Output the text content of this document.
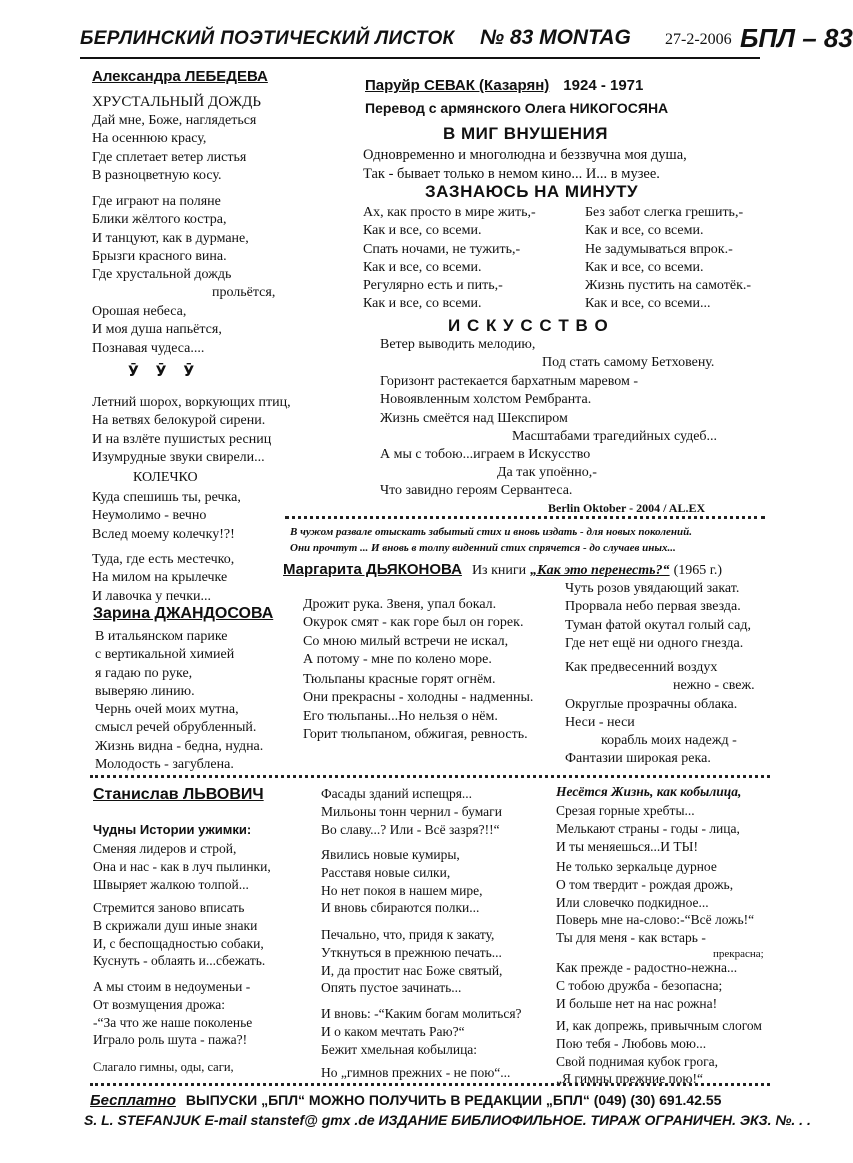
БЕРЛИНСКИЙ ПОЭТИЧЕСКИЙ ЛИСТОК № 83 MONTAG 27-2-2006 БПЛ – 83
Александра ЛЕБЕДЕВА
ХРУСТАЛЬНЫЙ ДОЖДЬ
Дай мне, Боже, наглядеться
На осеннюю красу,
Где сплетает ветер листья
В разноцветную косу.
Где играют на поляне
Блики жёлтого костра,
И танцуют, как в дурмане,
Брызги красного вина.
Где хрустальной дождь
прольётся,
Орошая небеса,
И моя душа напьётся,
Познавая чудеса....
Ӯ Ӯ Ӯ
Летний шорох, воркующих птиц,
На ветвях белокурой сирени.
И на взлёте пушистых ресниц
Изумрудные звуки свирели...
КОЛЕЧКО
Куда спешишь ты, речка,
Неумолимо - вечно
Вслед моему колечку!?!
Туда, где есть местечко,
На милом на крылечке
И лавочка у печки...
Зарина ДЖАНДОСОВА
В итальянском парике
с вертикальной химией
я гадаю по руке,
выверяю линию.
Чернь очей моих мутна,
смысл речей обрубленный.
Жизнь видна - бедна, нудна.
Молодость - загублена.
Паруйр СЕВАК (Казарян) 1924 - 1971
Перевод с армянского Олега НИКОГОСЯНА
В МИГ ВНУШЕНИЯ
Одновременно и многолюдна и беззвучна моя душа,
Так - бывает только в немом кино... И... в музее.
ЗАЗНАЮСЬ НА МИНУТУ
Ах, как просто в мире жить,-
Как и все, со всеми.
Спать ночами, не тужить,-
Как и все, со всеми.
Регулярно есть и пить,-
Как и все, со всеми.
Без забот слегка грешить,-
Как и все, со всеми.
Не задумываться впрок.-
Как и все, со всеми.
Жизнь пустить на самотёк.-
Как и все, со всеми...
И С К У С С Т В О
Ветер выводить мелодию,
Под стать самому Бетховену.
Горизонт растекается бархатным маревом -
Новоявленным холстом Рембранта.
Жизнь смеётся над Шекспиром
Масштабами трагедийных судеб...
А мы с тобою...играем в Искусство
Да так упоённо,-
Что завидно героям Сервантеса.
Berlin Oktober - 2004 / AL.EX
В чужом развале отыскать забытый стих и вновь издать - для новых поколений.
Они прочтут ... И вновь в толпу виденний стих спрячется - до случаев иных...
Маргарита ДЬЯКОНОВА Из книги „Как это перенесть?“ (1965 г.)
Дрожит рука. Звеня, упал бокал.
Окурок смят - как горе был он горек.
Со мною милый встречи не искал,
А потому - мне по колено море.
Тюльпаны красные горят огнём.
Они прекрасны - холодны - надменны.
Его тюльпаны...Но нельзя о нём.
Горит тюльпаном, обжигая, ревность.
Чуть розов увядающий закат.
Прорвала небо первая звезда.
Туман фатой окутал голый сад,
Где нет ещё ни одного гнезда.
Как предвесенний воздух
нежно - свеж.
Округлые прозрачны облака.
Неси - неси
корабль моих надежд -
Фантазии широкая река.
Станислав ЛЬВОВИЧ
Чудны Истории ужимки:
Сменяя лидеров и строй,
Она и нас - как в луч пылинки,
Швыряет жалкою толпой...
Стремится заново вписать
В скрижали душ иные знаки
И, с беспощадностью собаки,
Куснуть - облаять и...сбежать.
А мы стоим в недоуменьи -
От возмущения дрожа:
-“За что же наше поколенье
Играло роль шута - пажа?!
Слагало гимны, оды, саги,
Фасады зданий испещря...
Мильоны тонн чернил - бумаги
Во славу...? Или - Всё зазря?!!“
Явились новые кумиры,
Расставя новые силки,
Но нет покоя в нашем мире,
И вновь сбираются полки...
Печально, что, придя к закату,
Уткнуться в прежнюю печать...
И, да простит нас Боже святый,
Опять пустое зачинать...
И вновь: -“Каким богам молиться?
И о каком мечтать Раю?“
Бежит хмельная кобылица:
Но „гимнов прежних - не пою“...
Несётся Жизнь, как кобылица,
Срезая горные хребты...
Мелькают страны - годы - лица,
И ты меняешься...И ТЫ!
Не только зеркальце дурное
О том твердит - рождая дрожь,
Или словечко подкидное...
Поверь мне на-слово:-“Всё ложь!“
Ты для меня - как встарь -
прекрасна;
Как прежде - радостно-нежна...
С тобою дружба - безопасна;
И больше нет на нас рожна!
И, как допрежь, привычным слогом
Пою тебя - Любовь мою...
Свой поднимая кубок грога,
„Я гимны прежние пою!“
Бесплатно ВЫПУСКИ „БПЛ“ МОЖНО ПОЛУЧИТЬ В РЕДАКЦИИ „БПЛ“ (049) (30) 691.42.55
S. L. STEFANJUK E-mail stanstef@ gmx .de ИЗДАНИЕ БИБЛИОФИЛЬНОЕ. ТИРАЖ ОГРАНИЧЕН. ЭКЗ. №. . .
